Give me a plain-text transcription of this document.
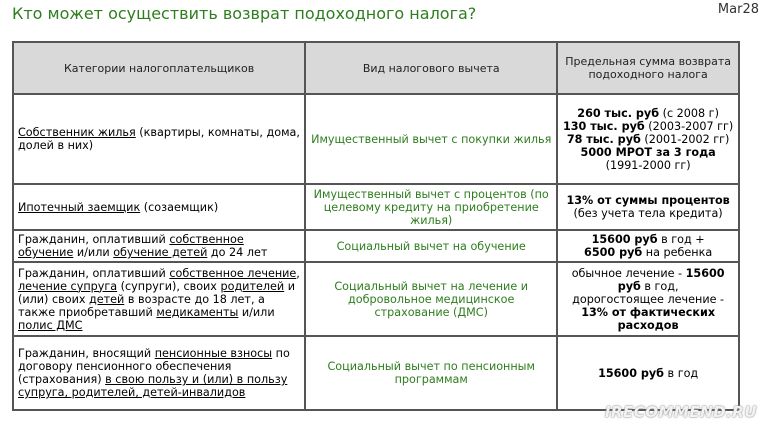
Кто может осуществить возврат подоходного налога?	Mar28
Категории налогоплательщиков	Вид налогового вычета	Предельная сумма возврата подоходного налога
Собственник жилья (квартиры, комнаты, дома, долей в них)	Имущественный вычет с покупки жилья	260 тыс. руб (с 2008 г)
130 тыс. руб (2003-2007 гг)
78 тыс. руб (2001-2002 гг)
5000 МРОТ за 3 года
(1991-2000 гг)
Ипотечный заемщик (созаемщик)	Имущественный вычет с процентов (по целевому кредиту на приобретение жилья)	13% от суммы процентов
(без учета тела кредита)
Гражданин, оплативший собственное обучение и/или обучение детей до 24 лет	Социальный вычет на обучение	15600 руб в год +
6500 руб на ребенка
Гражданин, оплативший собственное лечение, лечение супруга (супруги), своих родителей и (или) своих детей в возрасте до 18 лет, а также приобретавший медикаменты и/или полис ДМС	Социальный вычет на лечение и добровольное медицинское страхование (ДМС)	обычное лечение - 15600 руб в год,
дорогостоящее лечение -
13% от фактических расходов
Гражданин, вносящий пенсионные взносы по договору пенсионного обеспечения (страхования) в свою пользу и (или) в пользу супруга, родителей, детей-инвалидов	Социальный вычет по пенсионным программам	15600 руб в год
IRECOMMEND.RU
